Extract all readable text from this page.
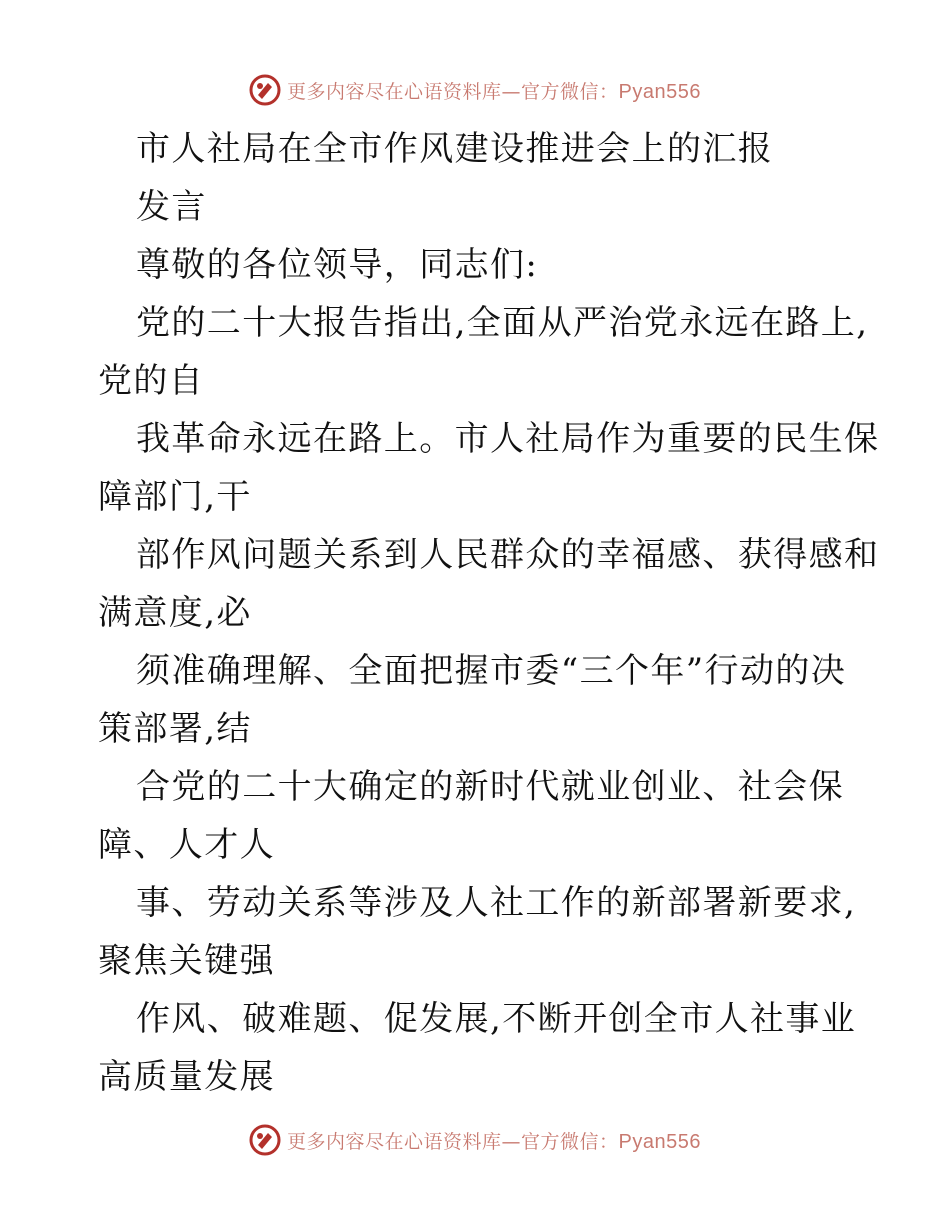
更多内容尽在心语资料库—官方微信：Pyan556
市人社局在全市作风建设推进会上的汇报
发言
尊敬的各位领导，同志们:
党的二十大报告指出,全面从严治党永远在路上,
党的自
我革命永远在路上。市人社局作为重要的民生保
障部门,干
部作风问题关系到人民群众的幸福感、获得感和
满意度,必
须准确理解、全面把握市委“三个年”行动的决
策部署,结
合党的二十大确定的新时代就业创业、社会保
障、人才人
事、劳动关系等涉及人社工作的新部署新要求,
聚焦关键强
作风、破难题、促发展,不断开创全市人社事业
高质量发展
更多内容尽在心语资料库—官方微信：Pyan556
